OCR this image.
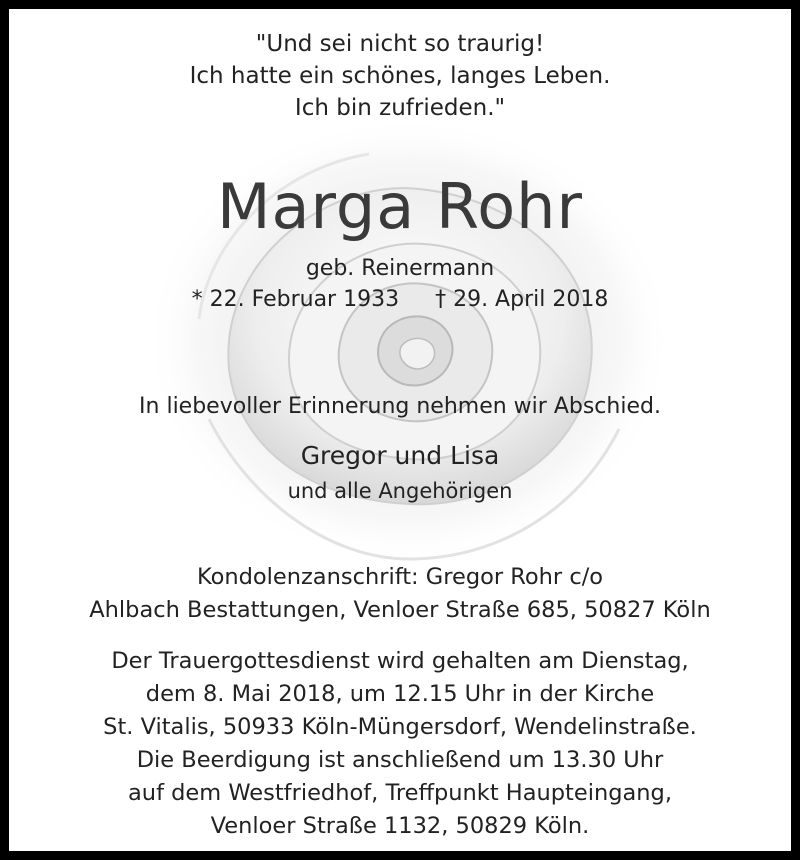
"Und sei nicht so traurig!
Ich hatte ein schönes, langes Leben.
Ich bin zufrieden."
Marga Rohr
geb. Reinermann
* 22. Februar 1933 † 29. April 2018
In liebevoller Erinnerung nehmen wir Abschied.
Gregor und Lisa
und alle Angehörigen
Kondolenzanschrift: Gregor Rohr c/o
Ahlbach Bestattungen, Venloer Straße 685, 50827 Köln
Der Trauergottesdienst wird gehalten am Dienstag,
dem 8. Mai 2018, um 12.15 Uhr in der Kirche
St. Vitalis, 50933 Köln-Müngersdorf, Wendelinstraße.
Die Beerdigung ist anschließend um 13.30 Uhr
auf dem Westfriedhof, Treffpunkt Haupteingang,
Venloer Straße 1132, 50829 Köln.
